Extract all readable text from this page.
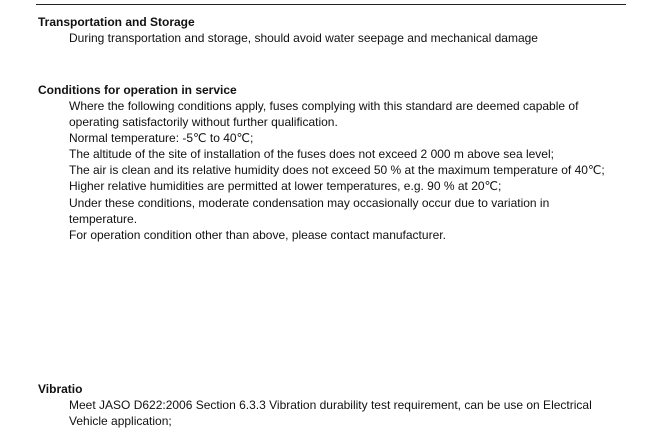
Transportation and Storage

During transportation and storage, should avoid water seepage and mechanical damage

Conditions for operation in service

Where the following conditions apply, fuses complying with this standard are deemed capable of
operating satisfactorily without further qualification.
Normal temperature: -5℃ to 40℃;
The altitude of the site of installation of the fuses does not exceed 2 000 m above sea level;
The air is clean and its relative humidity does not exceed 50 % at the maximum temperature of 40℃;
Higher relative humidities are permitted at lower temperatures, e.g. 90 % at 20℃;
Under these conditions, moderate condensation may occasionally occur due to variation in
temperature.
For operation condition other than above, please contact manufacturer.

Vibratio

Meet JASO D622:2006 Section 6.3.3 Vibration durability test requirement, can be use on Electrical
Vehicle application;
